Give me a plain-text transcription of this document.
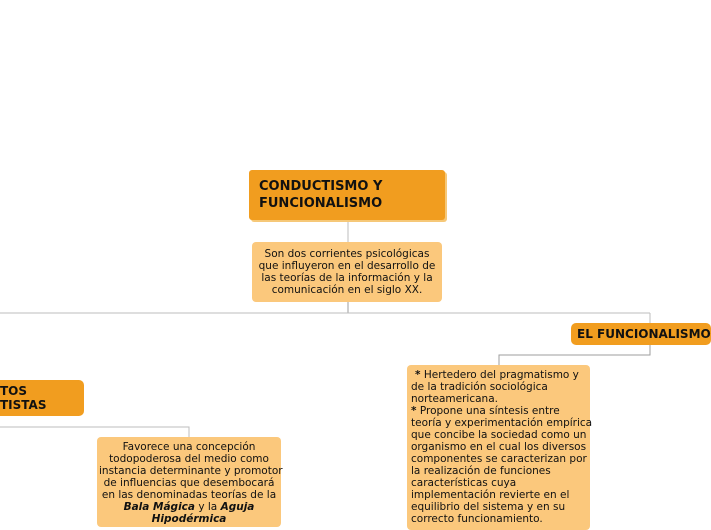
CONDUCTISMO Y
FUNCIONALISMO
Son dos corrientes psicológicas
que influyeron en el desarrollo de
las teorías de la información y la
comunicación en el siglo XX.
TOS
TISTAS
Favorece una concepción
todopoderosa del medio como
instancia determinante y promotor
de influencias que desembocará
en las denominadas teorías de la
Bala Mágica y la Aguja
Hipodérmica
EL FUNCIONALISMO
* Hertedero del pragmatismo y
de la tradición sociológica
norteamericana.
* Propone una síntesis entre
teoría y experimentación empírica
que concibe la sociedad como un
organismo en el cual los diversos
componentes se caracterizan por
la realización de funciones
características cuya
implementación revierte en el
equilibrio del sistema y en su
correcto funcionamiento.
